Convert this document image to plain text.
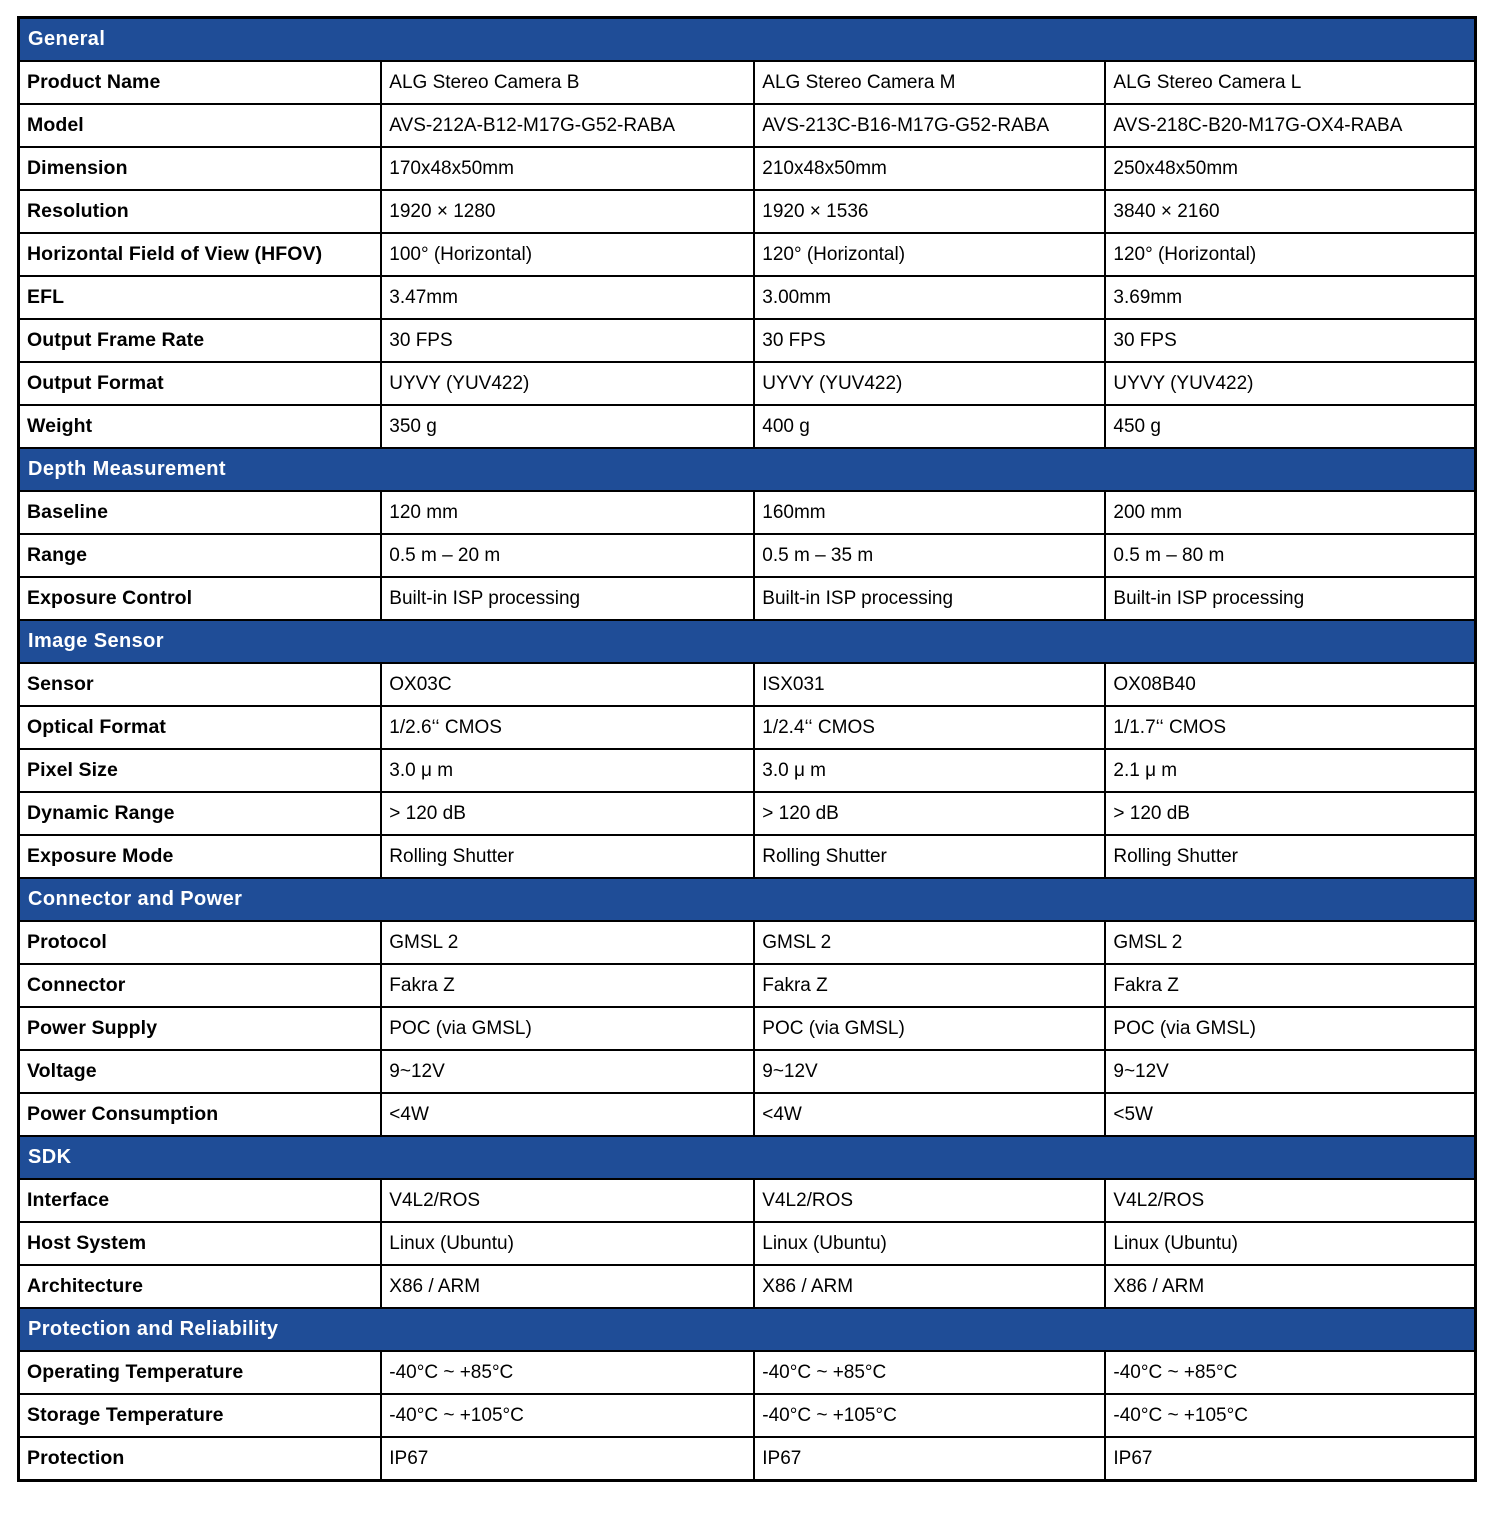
General			
Product Name	ALG Stereo Camera B	ALG Stereo Camera M	ALG Stereo Camera L
Model	AVS-212A-B12-M17G-G52-RABA	AVS-213C-B16-M17G-G52-RABA	AVS-218C-B20-M17G-OX4-RABA
Dimension	170x48x50mm	210x48x50mm	250x48x50mm
Resolution	1920 × 1280	1920 × 1536	3840 × 2160
Horizontal Field of View (HFOV)	100° (Horizontal)	120° (Horizontal)	120° (Horizontal)
EFL	3.47mm	3.00mm	3.69mm
Output Frame Rate	30 FPS	30 FPS	30 FPS
Output Format	UYVY (YUV422)	UYVY (YUV422)	UYVY (YUV422)
Weight	350 g	400 g	450 g
Depth Measurement			
Baseline	120 mm	160mm	200 mm
Range	0.5 m – 20 m	0.5 m – 35 m	0.5 m – 80 m
Exposure Control	Built-in ISP processing	Built-in ISP processing	Built-in ISP processing
Image Sensor			
Sensor	OX03C	ISX031	OX08B40
Optical Format	1/2.6‘‘ CMOS	1/2.4‘‘ CMOS	1/1.7‘‘ CMOS
Pixel Size	3.0 μ m	3.0 μ m	2.1 μ m
Dynamic Range	> 120 dB	> 120 dB	> 120 dB
Exposure Mode	Rolling Shutter	Rolling Shutter	Rolling Shutter
Connector and Power			
Protocol	GMSL 2	GMSL 2	GMSL 2
Connector	Fakra Z	Fakra Z	Fakra Z
Power Supply	POC (via GMSL)	POC (via GMSL)	POC (via GMSL)
Voltage	9~12V	9~12V	9~12V
Power Consumption	<4W	<4W	<5W
SDK			
Interface	V4L2/ROS	V4L2/ROS	V4L2/ROS
Host System	Linux (Ubuntu)	Linux (Ubuntu)	Linux (Ubuntu)
Architecture	X86 / ARM	X86 / ARM	X86 / ARM
Protection and Reliability			
Operating Temperature	-40°C ~ +85°C	-40°C ~ +85°C	-40°C ~ +85°C
Storage Temperature	-40°C ~ +105°C	-40°C ~ +105°C	-40°C ~ +105°C
Protection	IP67	IP67	IP67
